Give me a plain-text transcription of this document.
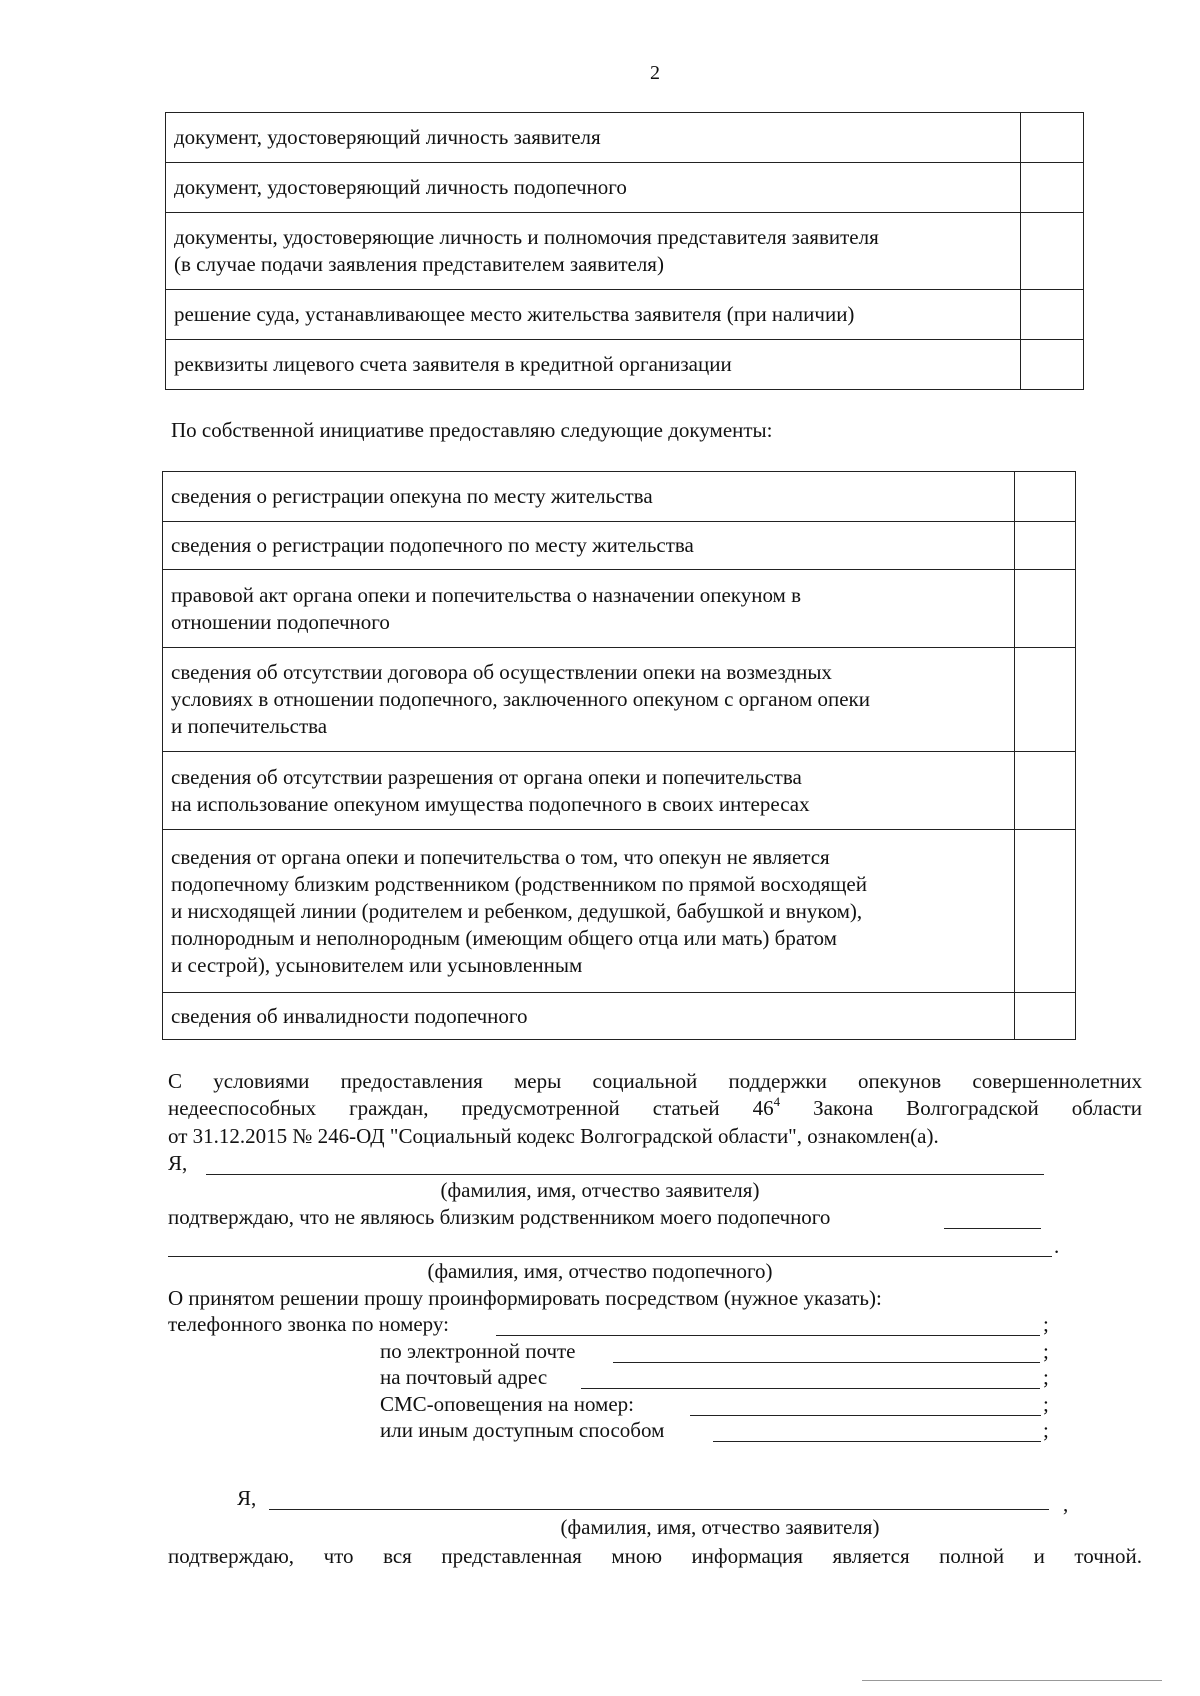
2
документ, удостоверяющий личность заявителя	

документ, удостоверяющий личность подопечного	

документы, удостоверяющие личность и полномочия представителя заявителя
(в случае подачи заявления представителем заявителя)	

решение суда, устанавливающее место жительства заявителя (при наличии)	

реквизиты лицевого счета заявителя в кредитной организации	

По собственной инициативе предоставляю следующие документы:
сведения о регистрации опекуна по месту жительства	

сведения о регистрации подопечного по месту жительства	

правовой акт органа опеки и попечительства о назначении опекуном в
отношении подопечного	

сведения об отсутствии договора об осуществлении опеки на возмездных
условиях в отношении подопечного, заключенного опекуном с органом опеки
и попечительства	

сведения об отсутствии разрешения от органа опеки и попечительства
на использование опекуном имущества подопечного в своих интересах	

сведения от органа опеки и попечительства о том, что опекун не является
подопечному близким родственником (родственником по прямой восходящей
и нисходящей линии (родителем и ребенком, дедушкой, бабушкой и внуком),
полнородным и неполнородным (имеющим общего отца или мать) братом
и сестрой), усыновителем или усыновленным	

сведения об инвалидности подопечного	

С условиями предоставления меры социальной поддержки опекунов совершеннолетних
недееспособных граждан, предусмотренной статьей $46^4$ Закона Волгоградской области
от 31.12.2015 № 246-ОД "Социальный кодекс Волгоградской области", ознакомлен(а).
Я,
(фамилия, имя, отчество заявителя)
подтверждаю, что не являюсь близким родственником моего подопечного
.
(фамилия, имя, отчество подопечного)
О принятом решении прошу проинформировать посредством (нужное указать):
телефонного звонка по номеру:	;
по электронной почте	;
на почтовый адрес	;
СМС-оповещения на номер:	;
или иным доступным способом	;
Я,	,
(фамилия, имя, отчество заявителя)
подтверждаю, что вся представленная мною информация является полной и точной.
